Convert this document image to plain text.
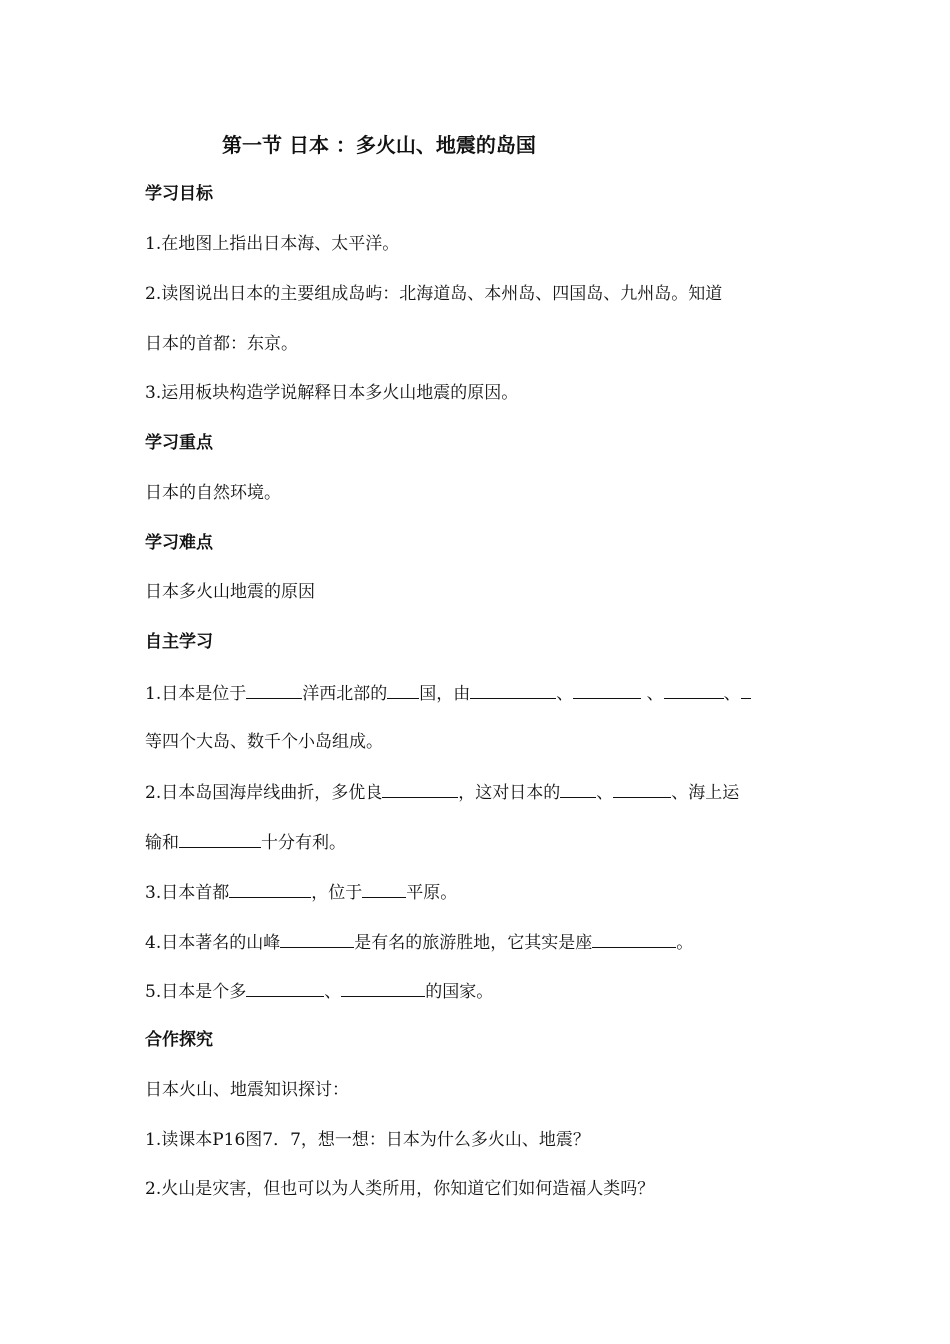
第一节 日本 ：多火山、地震的岛国
学习目标
1.在地图上指出日本海、太平洋。
2.读图说出日本的主要组成岛屿：北海道岛、本州岛、四国岛、九州岛。知道
日本的首都：东京。
3.运用板块构造学说解释日本多火山地震的原因。
学习重点
日本的自然环境。
学习难点
日本多火山地震的原因
自主学习
1.日本是位于	洋西北部的 国，由	、	、	、
等四个大岛、数千个小岛组成。
2.日本岛国海岸线曲折，多优良	，这对日本的 、	、海上运
输和	十分有利。
3.日本首都	，位于	平原。
4.日本著名的山峰	是有名的旅游胜地，它其实是座	。
5.日本是个多	、	的国家。
合作探究
日本火山、地震知识探讨：
1.读课本P16图7．7，想一想：日本为什么多火山、地震？
2.火山是灾害，但也可以为人类所用，你知道它们如何造福人类吗？
